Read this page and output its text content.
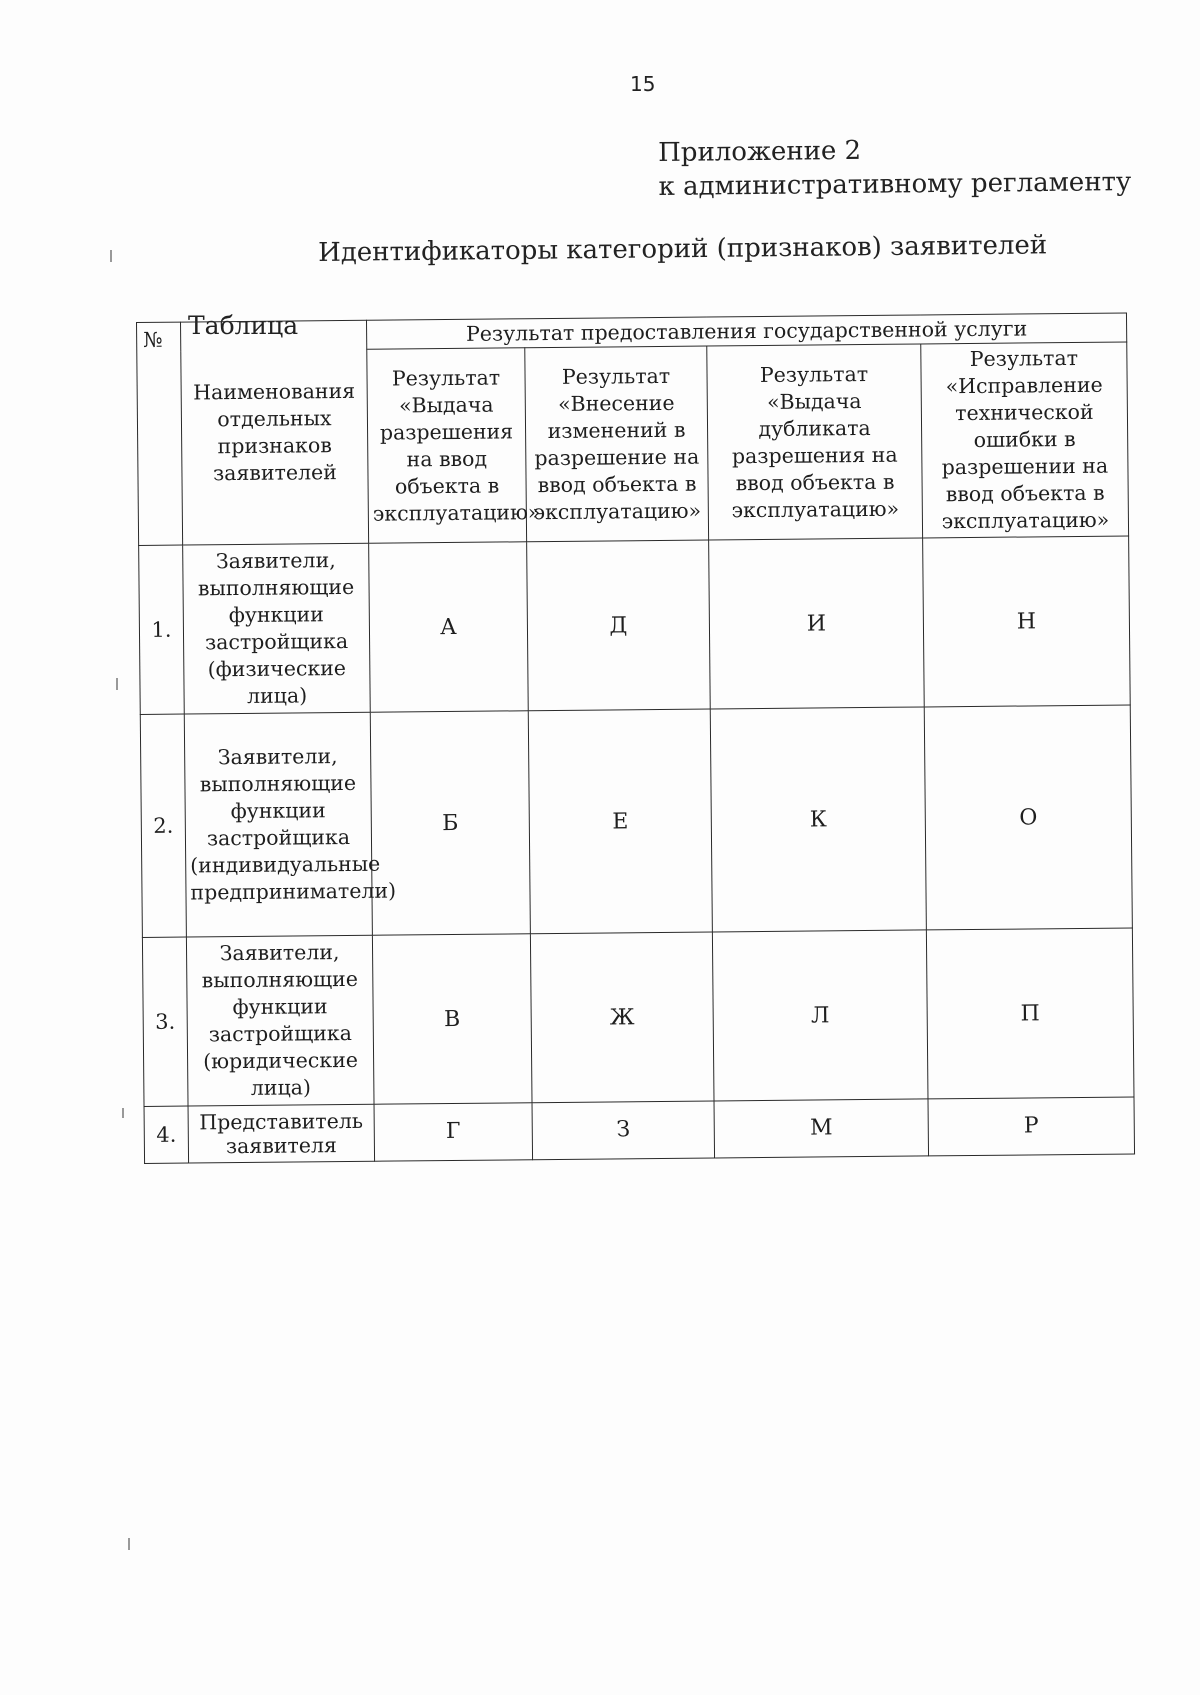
15
Приложение 2
к административному регламенту
Идентификаторы категорий (признаков) заявителей
Таблица
№	Наименования отдельных признаков заявителей	Результат предоставления государственной услуги			
		Результат «Выдача разрешения на ввод объекта в эксплуатацию»	Результат «Внесение изменений в разрешение на ввод объекта в эксплуатацию»	Результат «Выдача дубликата разрешения на ввод объекта в эксплуатацию»	Результат «Исправление технической ошибки в разрешении на ввод объекта в эксплуатацию»
1.	Заявители, выполняющие функции застройщика (физические лица)	А	Д	И	Н
2.	Заявители, выполняющие функции застройщика (индивидуальные предприниматели)	Б	Е	К	О
3.	Заявители, выполняющие функции застройщика (юридические лица)	В	Ж	Л	П
4.	Представитель заявителя	Г	З	М	Р
